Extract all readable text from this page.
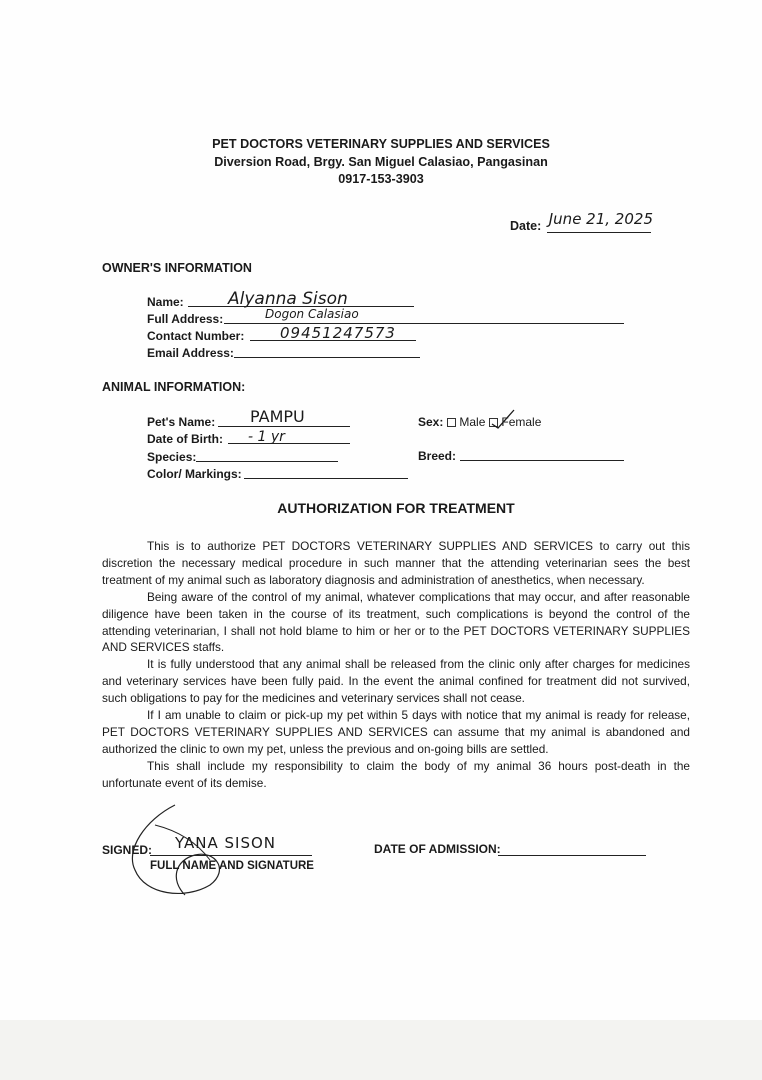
PET DOCTORS VETERINARY SUPPLIES AND SERVICES
Diversion Road, Brgy. San Miguel Calasiao, Pangasinan
0917-153-3903
Date: June 21, 2025
OWNER'S INFORMATION
Name:	Alyanna Sison
Full Address:	Dogon Calasiao
Contact Number: 09451247573
Email Address:
ANIMAL INFORMATION:
Pet's Name: PAMPU
Date of Birth: - 1 yr
Species:
Color/ Markings:
Sex: Male Female
Breed:
AUTHORIZATION FOR TREATMENT

This is to authorize PET DOCTORS VETERINARY SUPPLIES AND SERVICES to carry out this discretion the necessary medical procedure in such manner that the attending veterinarian sees the best treatment of my animal such as laboratory diagnosis and administration of anesthetics, when necessary.

Being aware of the control of my animal, whatever complications that may occur, and after reasonable diligence have been taken in the course of its treatment, such complications is beyond the control of the attending veterinarian, I shall not hold blame to him or her or to the PET DOCTORS VETERINARY SUPPLIES AND SERVICES staffs.

It is fully understood that any animal shall be released from the clinic only after charges for medicines and veterinary services have been fully paid. In the event the animal confined for treatment did not survived, such obligations to pay for the medicines and veterinary services shall not cease.

If I am unable to claim or pick-up my pet within 5 days with notice that my animal is ready for release, PET DOCTORS VETERINARY SUPPLIES AND SERVICES can assume that my animal is abandoned and authorized the clinic to own my pet, unless the previous and on-going bills are settled.

This shall include my responsibility to claim the body of my animal 36 hours post-death in the unfortunate event of its demise.

SIGNED: YANA SISON
FULL NAME AND SIGNATURE
DATE OF ADMISSION:
